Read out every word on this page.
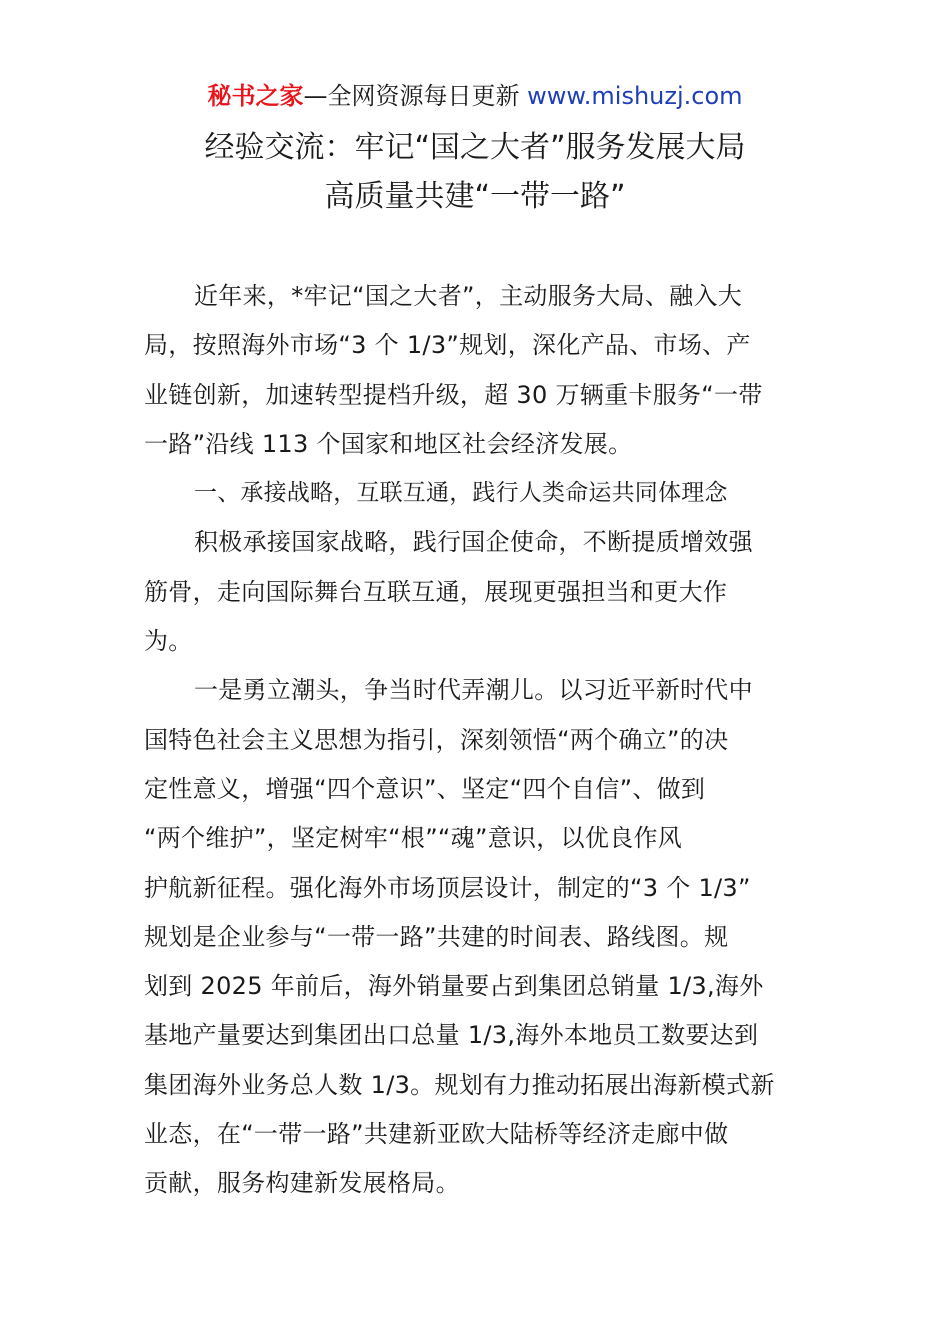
秘书之家—全网资源每日更新 www.mishuzj.com
经验交流：牢记“国之大者”服务发展大局
高质量共建“一带一路”
近年来，*牢记“国之大者”，主动服务大局、融入大
局，按照海外市场“3 个 1/3”规划，深化产品、市场、产
业链创新，加速转型提档升级，超 30 万辆重卡服务“一带
一路”沿线 113 个国家和地区社会经济发展。
一、承接战略，互联互通，践行人类命运共同体理念
积极承接国家战略，践行国企使命，不断提质增效强
筋骨，走向国际舞台互联互通，展现更强担当和更大作
为。
一是勇立潮头，争当时代弄潮儿。以习近平新时代中
国特色社会主义思想为指引，深刻领悟“两个确立”的决
定性意义，增强“四个意识”、坚定“四个自信”、做到
“两个维护”，坚定树牢“根”“魂”意识，以优良作风
护航新征程。强化海外市场顶层设计，制定的“3 个 1/3”
规划是企业参与“一带一路”共建的时间表、路线图。规
划到 2025 年前后，海外销量要占到集团总销量 1/3,海外
基地产量要达到集团出口总量 1/3,海外本地员工数要达到
集团海外业务总人数 1/3。规划有力推动拓展出海新模式新
业态，在“一带一路”共建新亚欧大陆桥等经济走廊中做
贡献，服务构建新发展格局。
